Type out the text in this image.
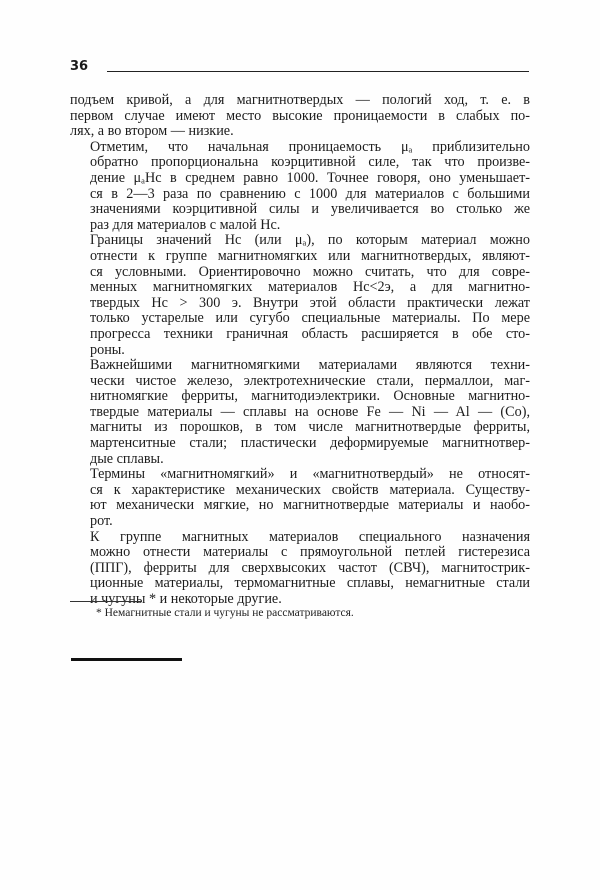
36
подъем кривой, а для магнитнотвердых — пологий ход, т. е. в
первом случае имеют место высокие проницаемости в слабых по-
лях, а во втором — низкие.
Отметим, что начальная проницаемость μₐ приблизительно
обратно пропорциональна коэрцитивной силе, так что произве-
дение μₐHc в среднем равно 1000. Точнее говоря, оно уменьшает-
ся в 2—3 раза по сравнению с 1000 для материалов с большими
значениями коэрцитивной силы и увеличивается во столько же
раз для материалов с малой Hc.
Границы значений Hc (или μₐ), по которым материал можно
отнести к группе магнитномягких или магнитнотвердых, являют-
ся условными. Ориентировочно можно считать, что для совре-
менных магнитномягких материалов Hc<2э, а для магнитно-
твердых Hc > 300 э. Внутри этой области практически лежат
только устарелые или сугубо специальные материалы. По мере
прогресса техники граничная область расширяется в обе сто-
роны.
Важнейшими магнитномягкими материалами являются техни-
чески чистое железо, электротехнические стали, пермаллои, маг-
нитномягкие ферриты, магнитодиэлектрики. Основные магнитно-
твердые материалы — сплавы на основе Fe — Ni — Al — (Co),
магниты из порошков, в том числе магнитнотвердые ферриты,
мартенситные стали; пластически деформируемые магнитнотвер-
дые сплавы.
Термины «магнитномягкий» и «магнитнотвердый» не относят-
ся к характеристике механических свойств материала. Существу-
ют механически мягкие, но магнитнотвердые материалы и наобо-
рот.
К группе магнитных материалов специального назначения
можно отнести материалы с прямоугольной петлей гистерезиса
(ППГ), ферриты для сверхвысоких частот (СВЧ), магнитострик-
ционные материалы, термомагнитные сплавы, немагнитные стали
и чугуны * и некоторые другие.
* Немагнитные стали и чугуны не рассматриваются.
